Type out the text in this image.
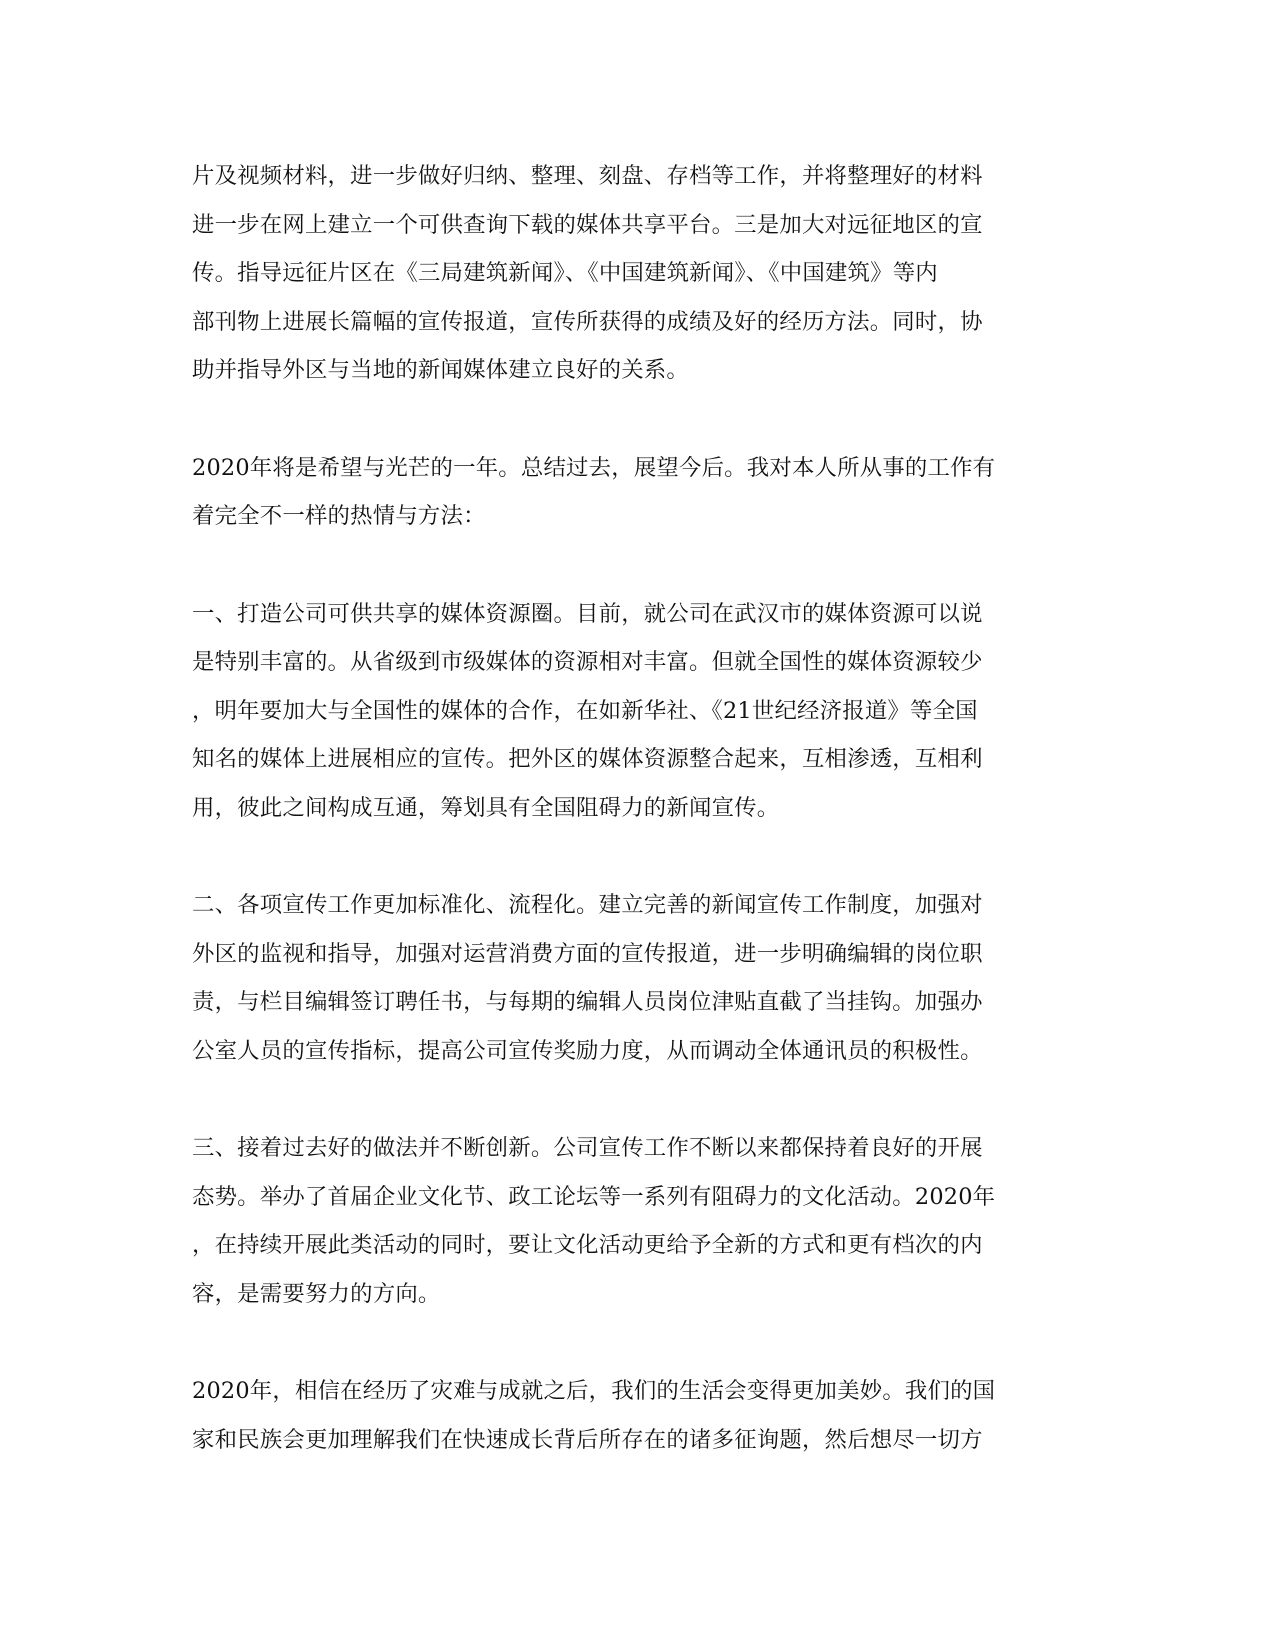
片及视频材料，进一步做好归纳、整理、刻盘、存档等工作，并将整理好的材料
进一步在网上建立一个可供查询下载的媒体共享平台。三是加大对远征地区的宣
传。指导远征片区在《三局建筑新闻》、《中国建筑新闻》、《中国建筑》等内
部刊物上进展长篇幅的宣传报道，宣传所获得的成绩及好的经历方法。同时，协
助并指导外区与当地的新闻媒体建立良好的关系。

2020年将是希望与光芒的一年。总结过去，展望今后。我对本人所从事的工作有
着完全不一样的热情与方法：

一、打造公司可供共享的媒体资源圈。目前，就公司在武汉市的媒体资源可以说
是特别丰富的。从省级到市级媒体的资源相对丰富。但就全国性的媒体资源较少
，明年要加大与全国性的媒体的合作，在如新华社、《21世纪经济报道》等全国
知名的媒体上进展相应的宣传。把外区的媒体资源整合起来，互相渗透，互相利
用，彼此之间构成互通，筹划具有全国阻碍力的新闻宣传。

二、各项宣传工作更加标准化、流程化。建立完善的新闻宣传工作制度，加强对
外区的监视和指导，加强对运营消费方面的宣传报道，进一步明确编辑的岗位职
责，与栏目编辑签订聘任书，与每期的编辑人员岗位津贴直截了当挂钩。加强办
公室人员的宣传指标，提高公司宣传奖励力度，从而调动全体通讯员的积极性。

三、接着过去好的做法并不断创新。公司宣传工作不断以来都保持着良好的开展
态势。举办了首届企业文化节、政工论坛等一系列有阻碍力的文化活动。2020年
，在持续开展此类活动的同时，要让文化活动更给予全新的方式和更有档次的内
容，是需要努力的方向。

2020年，相信在经历了灾难与成就之后，我们的生活会变得更加美妙。我们的国
家和民族会更加理解我们在快速成长背后所存在的诸多征询题，然后想尽一切方
